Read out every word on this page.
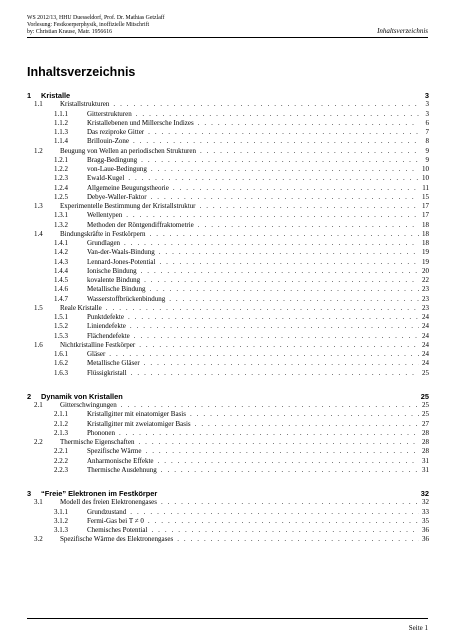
WS 2012/13, HHU Duesseldorf, Prof. Dr. Mathias Getzlaff
Vorlesung: Festkoerperphysik, inoffizielle Mitschrift
by: Christian Krause, Matr. 1956616	Inhaltsverzeichnis
Inhaltsverzeichnis
1	Kristalle	3
1.1	Kristallstrukturen . . .	3
1.1.1	Gitterstrukturen . . .	3
1.1.2	Kristallebenen und Millersche Indizes . . .	6
1.1.3	Das reziproke Gitter . . .	7
1.1.4	Brillouin-Zone . . .	8
1.2	Beugung von Wellen an periodischen Strukturen . . .	9
1.2.1	Bragg-Bedingung . . .	9
1.2.2	von-Laue-Bedingung . . .	10
1.2.3	Ewald-Kugel . . .	10
1.2.4	Allgemeine Beugungstheorie . . .	11
1.2.5	Debye-Waller-Faktor . . .	15
1.3	Experimentelle Bestimmung der Kristallstruktur . . .	17
1.3.1	Wellentypen . . .	17
1.3.2	Methoden der Röntgendiffraktometrie . . .	18
1.4	Bindungskräfte in Festkörpern . . .	18
1.4.1	Grundlagen . . .	18
1.4.2	Van-der-Waals-Bindung . . .	19
1.4.3	Lennard-Jones-Potential . . .	19
1.4.4	Ionische Bindung . . .	20
1.4.5	kovalente Bindung . . .	22
1.4.6	Metallische Bindung . . .	23
1.4.7	Wasserstoffbrückenbindung . . .	23
1.5	Reale Kristalle . . .	23
1.5.1	Punktdefekte . . .	24
1.5.2	Liniendefekte . . .	24
1.5.3	Flächendefekte . . .	24
1.6	Nichtkristalline Festkörper . . .	24
1.6.1	Gläser . . .	24
1.6.2	Metallische Gläser . . .	24
1.6.3	Flüssigkristall . . .	25
2	Dynamik von Kristallen	25
2.1	Gitterschwingungen . . .	25
2.1.1	Kristallgitter mit einatomiger Basis . . .	25
2.1.2	Kristallgitter mit zweiatomiger Basis . . .	27
2.1.3	Phononen . . .	28
2.2	Thermische Eigenschaften . . .	28
2.2.1	Spezifische Wärme . . .	28
2.2.2	Anharmonische Effekte . . .	31
2.2.3	Thermische Ausdehnung . . .	31
3	“Freie” Elektronen im Festkörper	32
3.1	Modell des freien Elektronengases . . .	32
3.1.1	Grundzustand . . .	33
3.1.2	Fermi-Gas bei T ≠ 0 . . .	35
3.1.3	Chemisches Potential . . .	36
3.2	Spezifische Wärme des Elektronengases . . .	36
Seite 1
